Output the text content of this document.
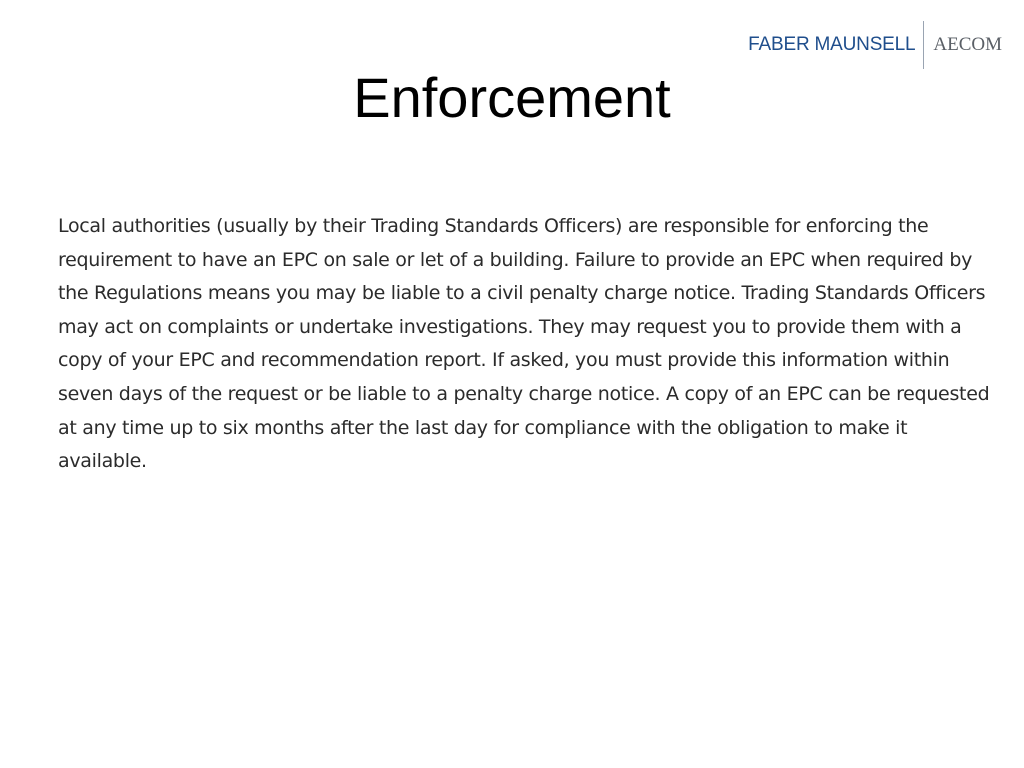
FABER MAUNSELL AECOM
Enforcement

Local authorities (usually by their Trading Standards Officers) are responsible for enforcing the requirement to have an EPC on sale or let of a building. Failure to provide an EPC when required by the Regulations means you may be liable to a civil penalty charge notice. Trading Standards Officers may act on complaints or undertake investigations. They may request you to provide them with a copy of your EPC and recommendation report. If asked, you must provide this information within seven days of the request or be liable to a penalty charge notice. A copy of an EPC can be requested at any time up to six months after the last day for compliance with the obligation to make it available.
